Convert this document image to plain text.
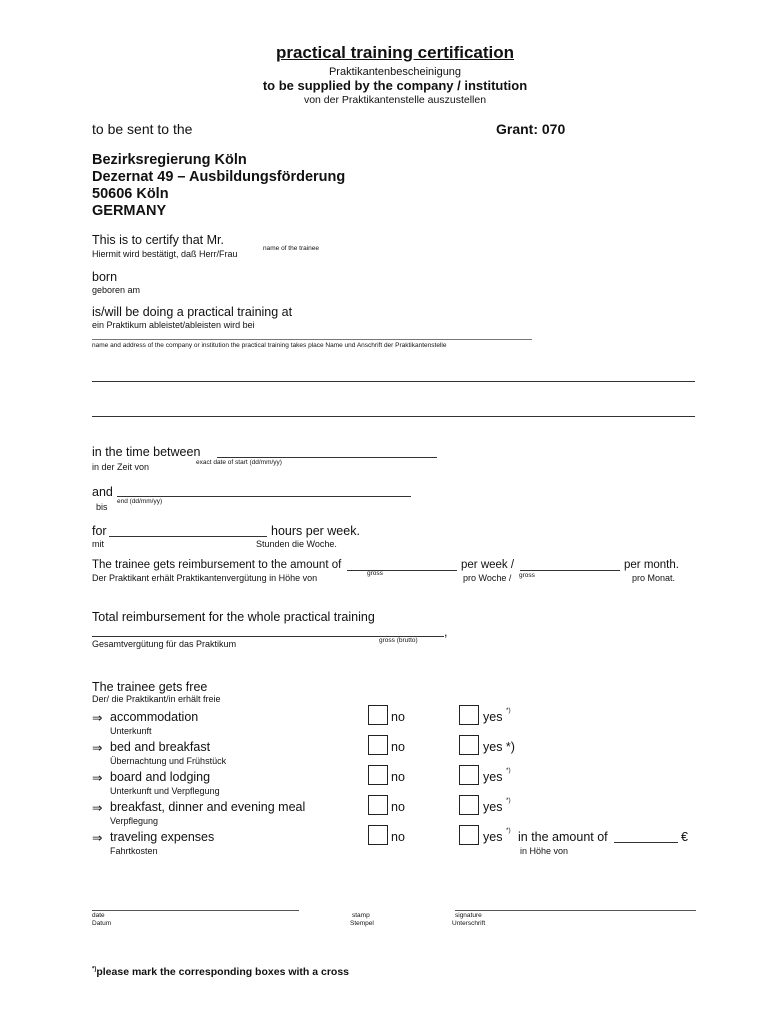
practical training certification
Praktikantenbescheinigung
to be supplied by the company / institution
von der Praktikantenstelle auszustellen
to be sent to the	Grant: 070
Bezirksregierung Köln
Dezernat 49 – Ausbildungsförderung
50606 Köln
GERMANY
This is to certify that Mr.
Hiermit wird bestätigt, daß Herr/Frau
name of the trainee
born
geboren am
is/will be doing a practical training at
ein Praktikum ableistet/ableisten wird bei
name and address of the company or institution the practical training takes place Name und Anschrift der Praktikantenstelle
in the time between
exact date of start (dd/mm/yy)
in der Zeit von
and
end (dd/mm/yy)
bis
for	hours per week.
mit	Stunden die Woche.
The trainee gets reimbursement to the amount of	per week /	per month.
Der Praktikant erhält Praktikantenvergütung in Höhe von	gross	pro Woche / gross	pro Monat.
Total reimbursement for the whole practical training
,
Gesamtvergütung für das Praktikum	gross (brutto)
The trainee gets free
Der/ die Praktikant/in erhält freie
⇒ accommodation
Unterkunft
no	yes *)
⇒ bed and breakfast
Übernachtung und Frühstück
no	yes *)
⇒ board and lodging
Unterkunft und Verpflegung
no	yes *)
⇒ breakfast, dinner and evening meal
Verpflegung
no	yes *)
⇒ traveling expenses
Fahrtkosten
no	yes *) in the amount of	€
in Höhe von
date
Datum
stamp
Stempel
signature
Unterschrift
*)please mark the corresponding boxes with a cross
